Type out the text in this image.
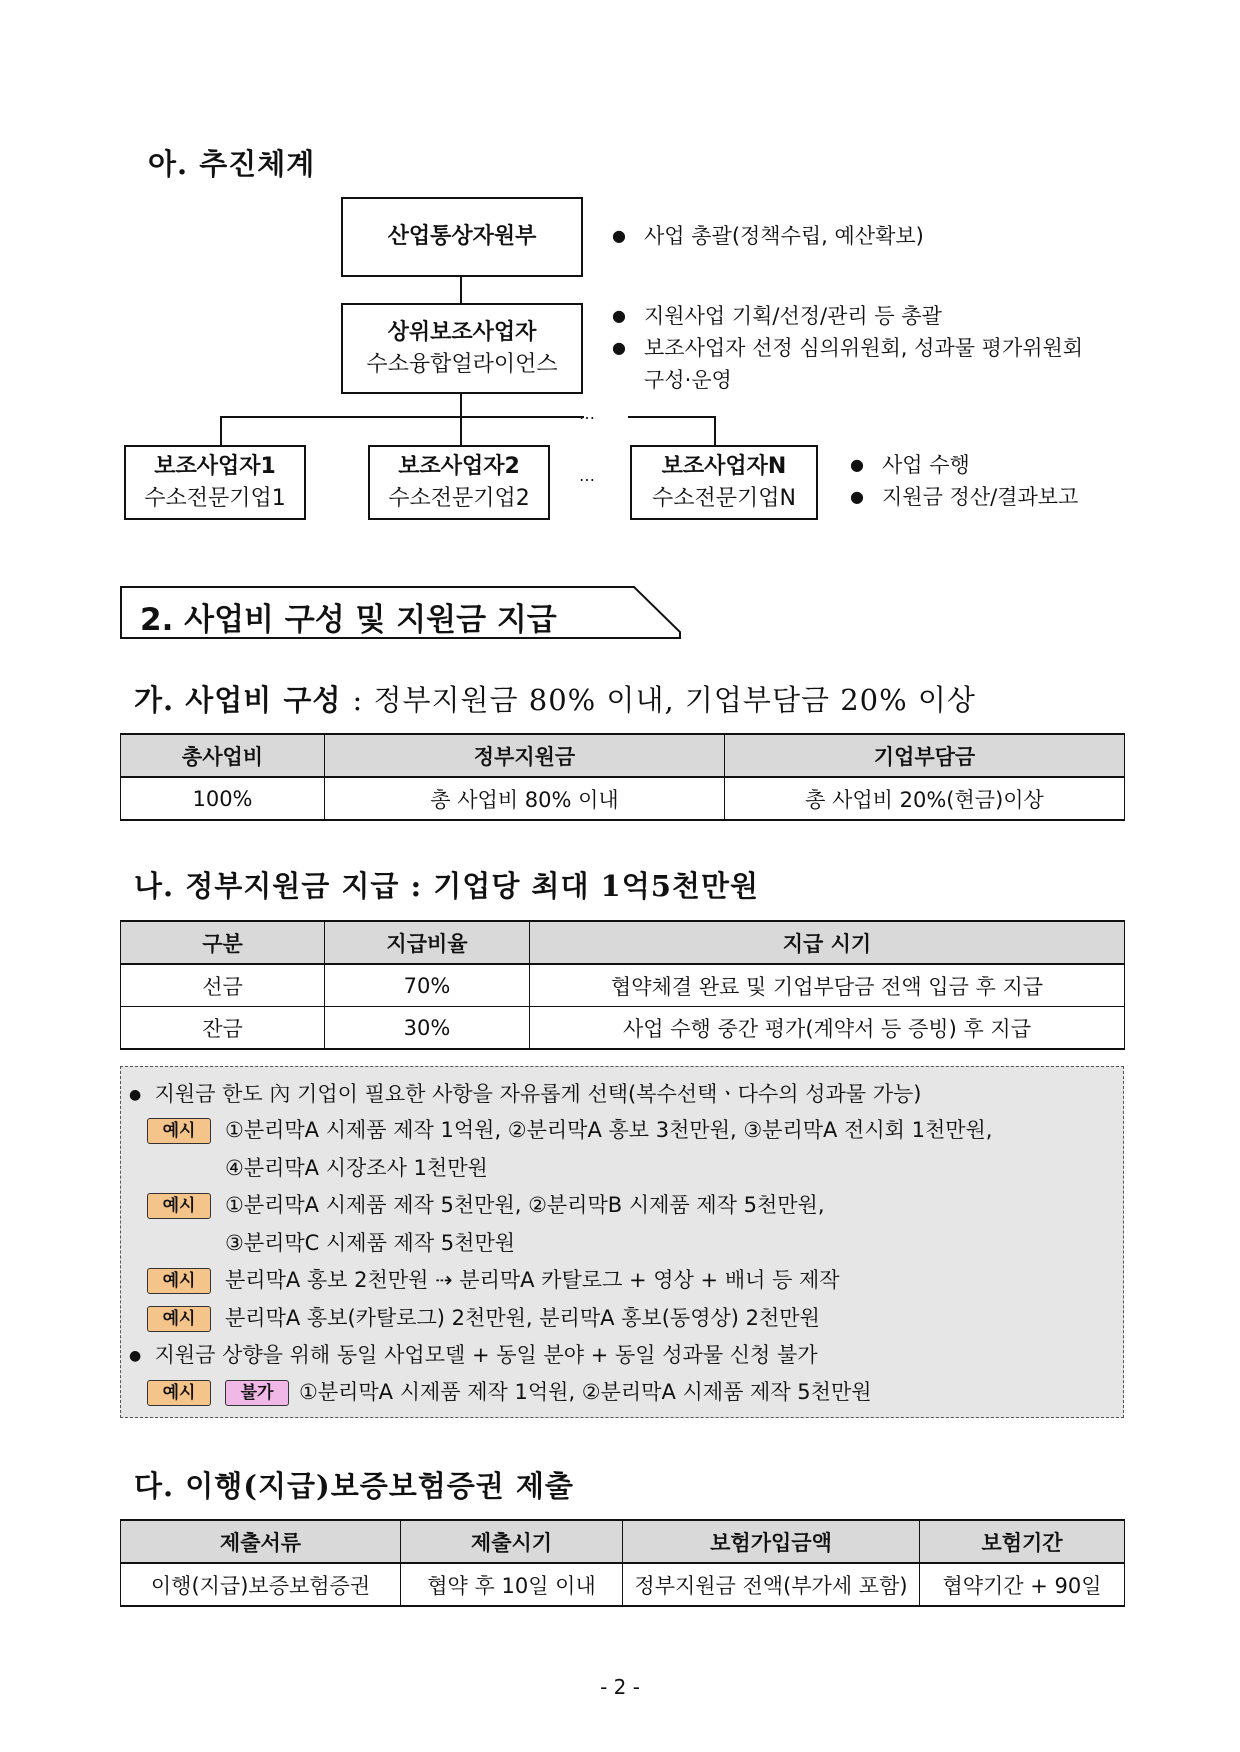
아. 추진체계
산업통상자원부	● 사업 총괄(정책수립, 예산확보)
상위보조사업자
수소융합얼라이언스
● 지원사업 기획/선정/관리 등 총괄
● 보조사업자 선정 심의위원회, 성과물 평가위원회
구성·운영
…
…
보조사업자1
수소전문기업1
보조사업자2
수소전문기업2
보조사업자N
수소전문기업N
● 사업 수행
● 지원금 정산/결과보고
2. 사업비 구성 및 지원금 지급
가. 사업비 구성 : 정부지원금 80% 이내, 기업부담금 20% 이상
총사업비	정부지원금	기업부담금
100%	총 사업비 80% 이내	총 사업비 20%(현금)이상
나. 정부지원금 지급 : 기업당 최대 1억5천만원
구분	지급비율	지급 시기
선금	70%	협약체결 완료 및 기업부담금 전액 입금 후 지급
잔금	30%	사업 수행 중간 평가(계약서 등 증빙) 후 지급
● 지원금 한도 內 기업이 필요한 사항을 자유롭게 선택(복수선택ㆍ다수의 성과물 가능)
예시	①분리막A 시제품 제작 1억원, ②분리막A 홍보 3천만원, ③분리막A 전시회 1천만원,
④분리막A 시장조사 1천만원
예시	①분리막A 시제품 제작 5천만원, ②분리막B 시제품 제작 5천만원,
③분리막C 시제품 제작 5천만원
예시	분리막A 홍보 2천만원 ⇢ 분리막A 카탈로그 + 영상 + 배너 등 제작
예시	분리막A 홍보(카탈로그) 2천만원, 분리막A 홍보(동영상) 2천만원
● 지원금 상향을 위해 동일 사업모델 + 동일 분야 + 동일 성과물 신청 불가
예시	불가	①분리막A 시제품 제작 1억원, ②분리막A 시제품 제작 5천만원
다. 이행(지급)보증보험증권 제출
제출서류	제출시기	보험가입금액	보험기간
이행(지급)보증보험증권	협약 후 10일 이내	정부지원금 전액(부가세 포함)	협약기간 + 90일
- 2 -
